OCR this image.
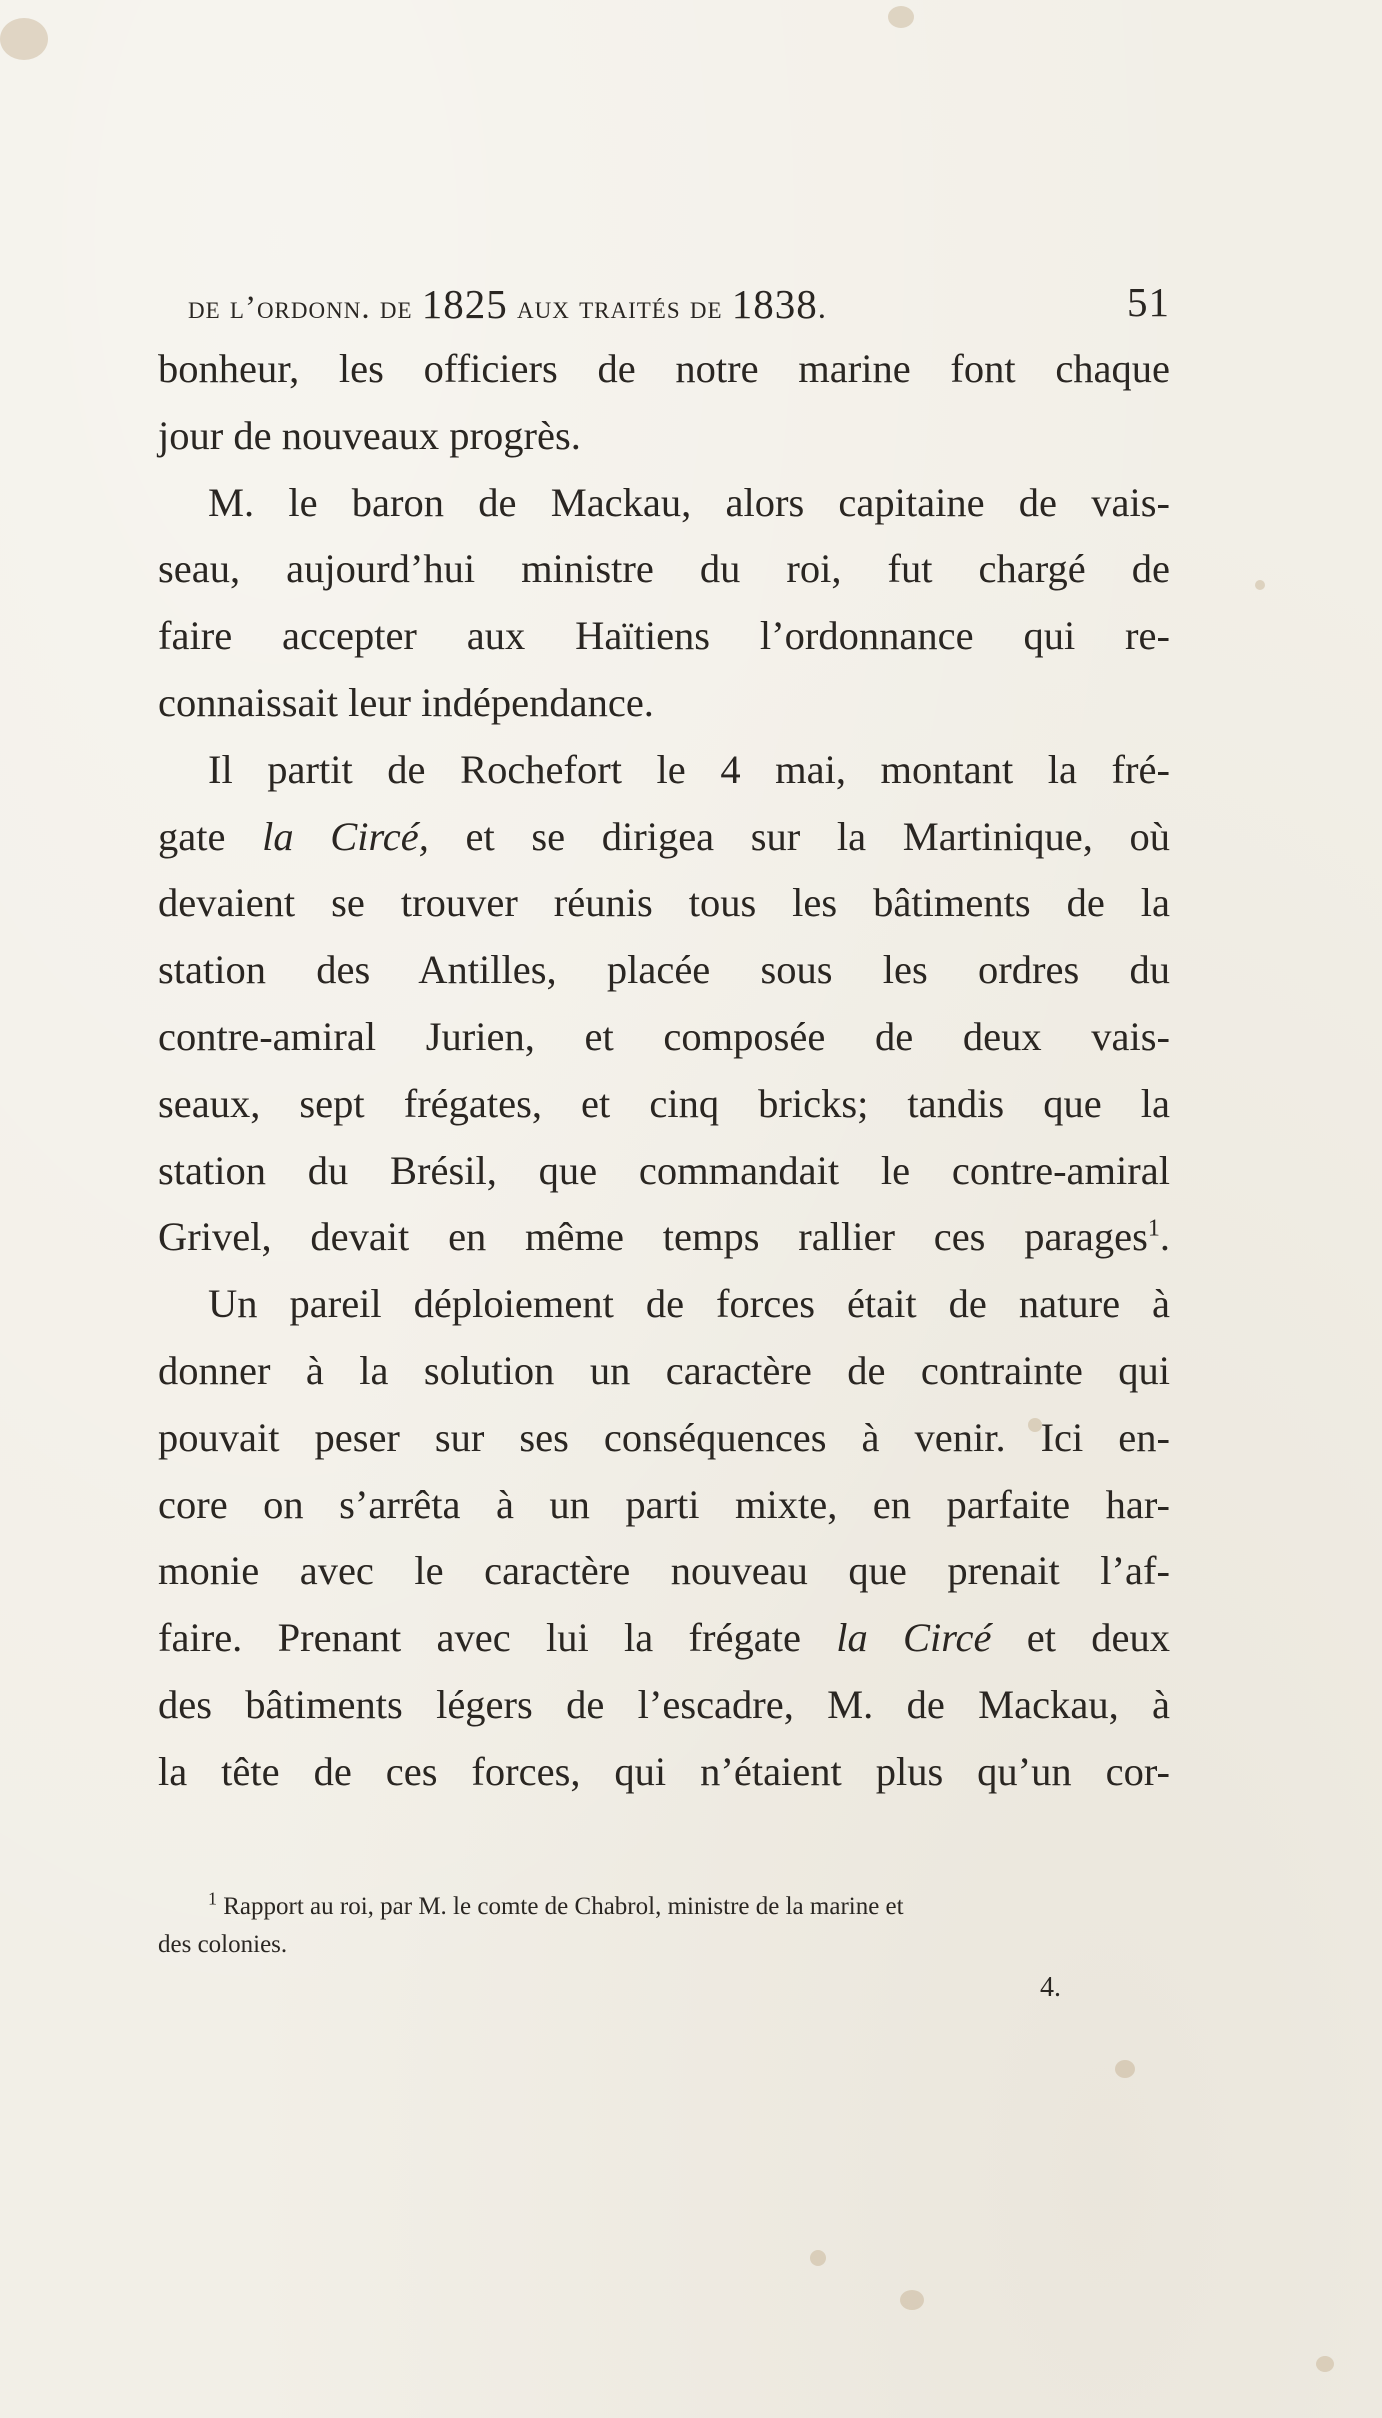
de l’ordonn. de 1825 aux traités de 1838.	51
bonheur, les officiers de notre marine font chaque
jour de nouveaux progrès.
M. le baron de Mackau, alors capitaine de vais-
seau, aujourd’hui ministre du roi, fut chargé de
faire accepter aux Haïtiens l’ordonnance qui re-
connaissait leur indépendance.
Il partit de Rochefort le 4 mai, montant la fré-
gate la Circé, et se dirigea sur la Martinique, où
devaient se trouver réunis tous les bâtiments de la
station des Antilles, placée sous les ordres du
contre-amiral Jurien, et composée de deux vais-
seaux, sept frégates, et cinq bricks; tandis que la
station du Brésil, que commandait le contre-amiral
Grivel, devait en même temps rallier ces parages$^1$.
Un pareil déploiement de forces était de nature à
donner à la solution un caractère de contrainte qui
pouvait peser sur ses conséquences à venir. Ici en-
core on s’arrêta à un parti mixte, en parfaite har-
monie avec le caractère nouveau que prenait l’af-
faire. Prenant avec lui la frégate la Circé et deux
des bâtiments légers de l’escadre, M. de Mackau, à
la tête de ces forces, qui n’étaient plus qu’un cor-
$^1$ Rapport au roi, par M. le comte de Chabrol, ministre de la marine et
des colonies.
4.
